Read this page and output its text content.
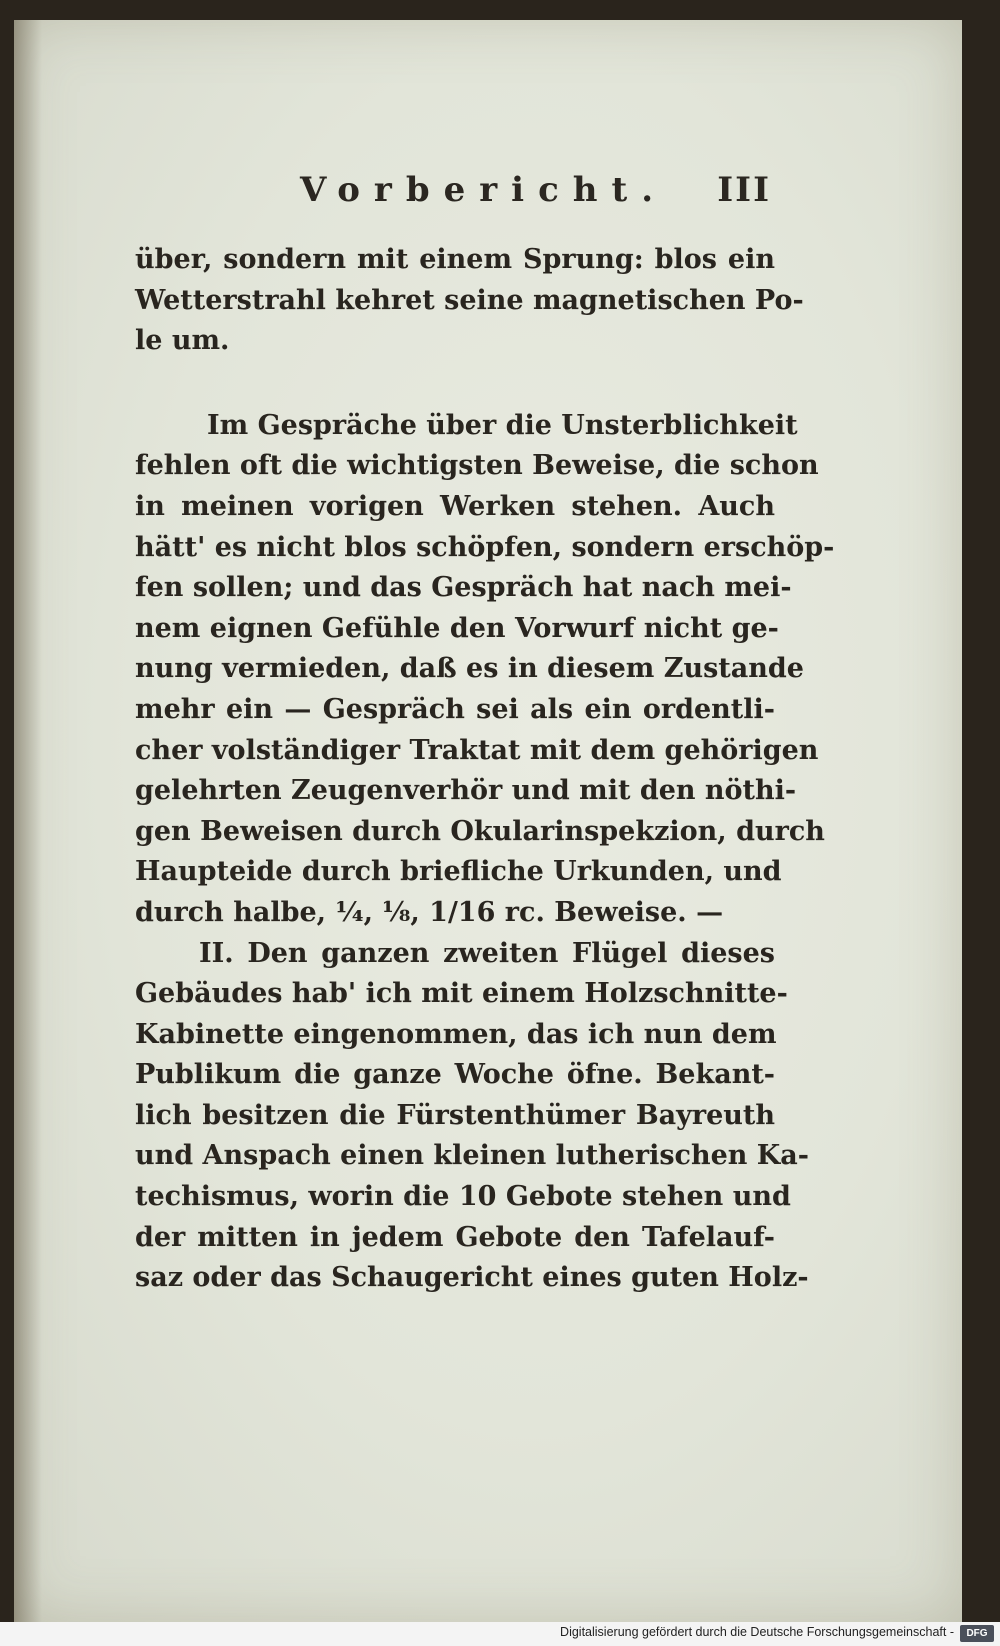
Vorbericht. III
über, sondern mit einem Sprung: blos ein
Wetterstrahl kehret seine magnetischen Po-
le um.
Im Gespräche über die Unsterblichkeit
fehlen oft die wichtigsten Beweise, die schon
in meinen vorigen Werken stehen. Auch
hätt' es nicht blos schöpfen, sondern erschöp-
fen sollen; und das Gespräch hat nach mei-
nem eignen Gefühle den Vorwurf nicht ge-
nung vermieden, daß es in diesem Zustande
mehr ein — Gespräch sei als ein ordentli-
cher volständiger Traktat mit dem gehörigen
gelehrten Zeugenverhör und mit den nöthi-
gen Beweisen durch Okularinspekzion, durch
Haupteide durch briefliche Urkunden, und
durch halbe, ¼, ⅛, 1/16 rc. Beweise. —
II. Den ganzen zweiten Flügel dieses
Gebäudes hab' ich mit einem Holzschnitte-
Kabinette eingenommen, das ich nun dem
Publikum die ganze Woche öfne. Bekant-
lich besitzen die Fürstenthümer Bayreuth
und Anspach einen kleinen lutherischen Ka-
techismus, worin die 10 Gebote stehen und
der mitten in jedem Gebote den Tafelauf-
saz oder das Schaugericht eines guten Holz-
Digitalisierung gefördert durch die Deutsche Forschungsgemeinschaft -	DFG
